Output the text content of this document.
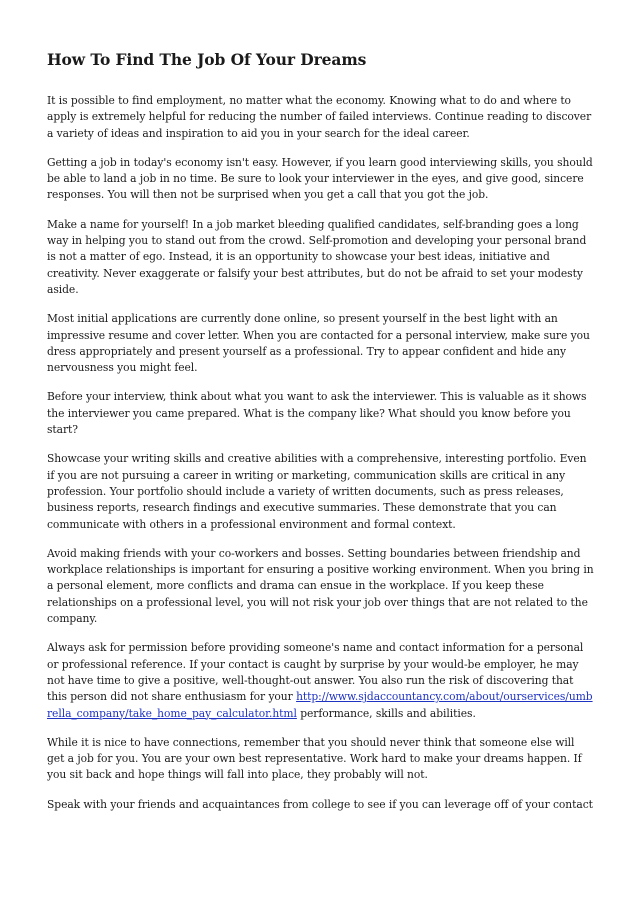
How To Find The Job Of Your Dreams

It is possible to find employment, no matter what the economy. Knowing what to do and where to apply is extremely helpful for reducing the number of failed interviews. Continue reading to discover a variety of ideas and inspiration to aid you in your search for the ideal career.

Getting a job in today's economy isn't easy. However, if you learn good interviewing skills, you should be able to land a job in no time. Be sure to look your interviewer in the eyes, and give good, sincere responses. You will then not be surprised when you get a call that you got the job.

Make a name for yourself! In a job market bleeding qualified candidates, self-branding goes a long way in helping you to stand out from the crowd. Self-promotion and developing your personal brand is not a matter of ego. Instead, it is an opportunity to showcase your best ideas, initiative and creativity. Never exaggerate or falsify your best attributes, but do not be afraid to set your modesty aside.

Most initial applications are currently done online, so present yourself in the best light with an impressive resume and cover letter. When you are contacted for a personal interview, make sure you dress appropriately and present yourself as a professional. Try to appear confident and hide any nervousness you might feel.

Before your interview, think about what you want to ask the interviewer. This is valuable as it shows the interviewer you came prepared. What is the company like? What should you know before you start?

Showcase your writing skills and creative abilities with a comprehensive, interesting portfolio. Even if you are not pursuing a career in writing or marketing, communication skills are critical in any profession. Your portfolio should include a variety of written documents, such as press releases, business reports, research findings and executive summaries. These demonstrate that you can communicate with others in a professional environment and formal context.

Avoid making friends with your co-workers and bosses. Setting boundaries between friendship and workplace relationships is important for ensuring a positive working environment. When you bring in a personal element, more conflicts and drama can ensue in the workplace. If you keep these relationships on a professional level, you will not risk your job over things that are not related to the company.

Always ask for permission before providing someone's name and contact information for a personal or professional reference. If your contact is caught by surprise by your would-be employer, he may not have time to give a positive, well-thought-out answer. You also run the risk of discovering that this person did not share enthusiasm for your http://www.sjdaccountancy.com/about/ourservices/umbrella_company/take_home_pay_calculator.html performance, skills and abilities.

While it is nice to have connections, remember that you should never think that someone else will get a job for you. You are your own best representative. Work hard to make your dreams happen. If you sit back and hope things will fall into place, they probably will not.

Speak with your friends and acquaintances from college to see if you can leverage off of your contact
